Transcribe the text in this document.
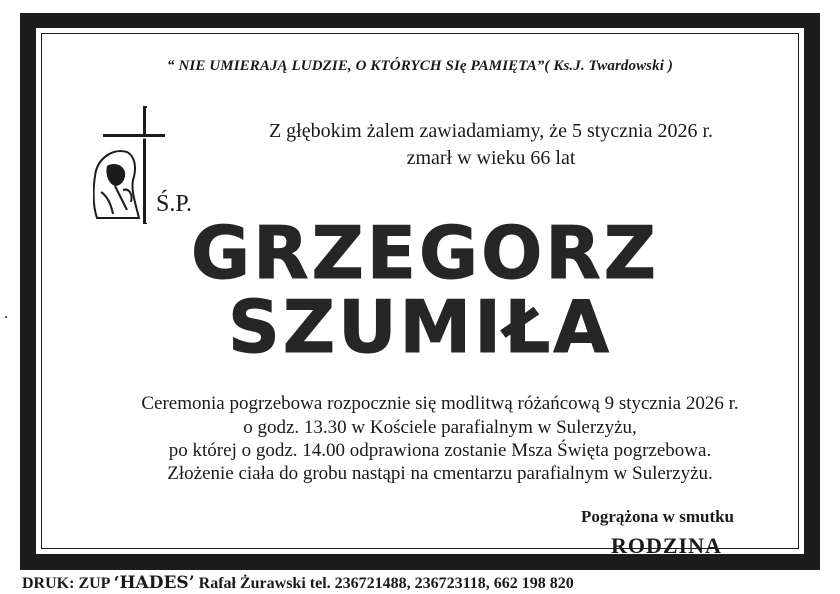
“ NIE UMIERAJĄ LUDZIE, O KTÓRYCH SIę PAMIĘTA”( Ks.J. Twardowski )
Z głębokim żalem zawiadamiamy, że 5 stycznia 2026 r.
zmarł w wieku 66 lat
Ś.P.
GRZEGORZ
SZUMIŁA
Ceremonia pogrzebowa rozpocznie się modlitwą różańcową 9 stycznia 2026 r.
o godz. 13.30 w Kościele parafialnym w Sulerzyżu,
po której o godz. 14.00 odprawiona zostanie Msza Święta pogrzebowa.
Złożenie ciała do grobu nastąpi na cmentarzu parafialnym w Sulerzyżu.
Pogrążona w smutku
RODZINA
DRUK: ZUP ‘HADES’ Rafał Żurawski tel. 236721488, 236723118, 662 198 820
